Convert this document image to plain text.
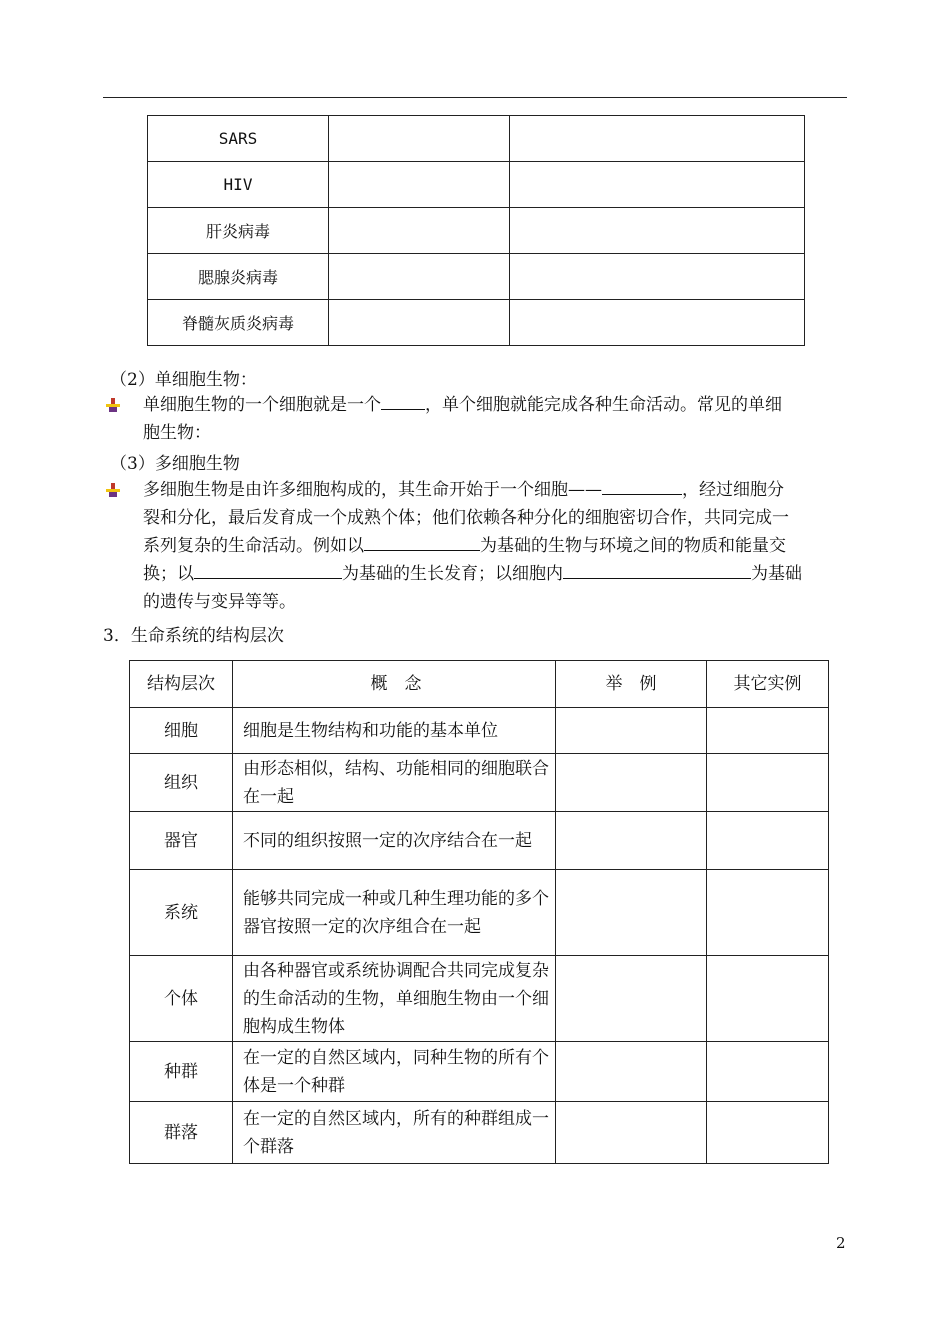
SARS		
HIV		
肝炎病毒		
腮腺炎病毒		
脊髓灰质炎病毒		
（2）单细胞生物：
单细胞生物的一个细胞就是一个	，单个细胞就能完成各种生命活动。常见的单细
胞生物：
（3）多细胞生物
多细胞生物是由许多细胞构成的，其生命开始于一个细胞——	，经过细胞分
裂和分化，最后发育成一个成熟个体；他们依赖各种分化的细胞密切合作，共同完成一
系列复杂的生命活动。例如以	为基础的生物与环境之间的物质和能量交
换；以	为基础的生长发育；以细胞内	为基础
的遗传与变异等等。
3．生命系统的结构层次
结构层次	概　念	举　例	其它实例
细胞	细胞是生物结构和功能的基本单位		
组织	由形态相似，结构、功能相同的细胞联合在一起		
器官	不同的组织按照一定的次序结合在一起		
系统	能够共同完成一种或几种生理功能的多个器官按照一定的次序组合在一起		
个体	由各种器官或系统协调配合共同完成复杂的生命活动的生物，单细胞生物由一个细胞构成生物体		
种群	在一定的自然区域内，同种生物的所有个体是一个种群		
群落	在一定的自然区域内，所有的种群组成一个群落		
2
